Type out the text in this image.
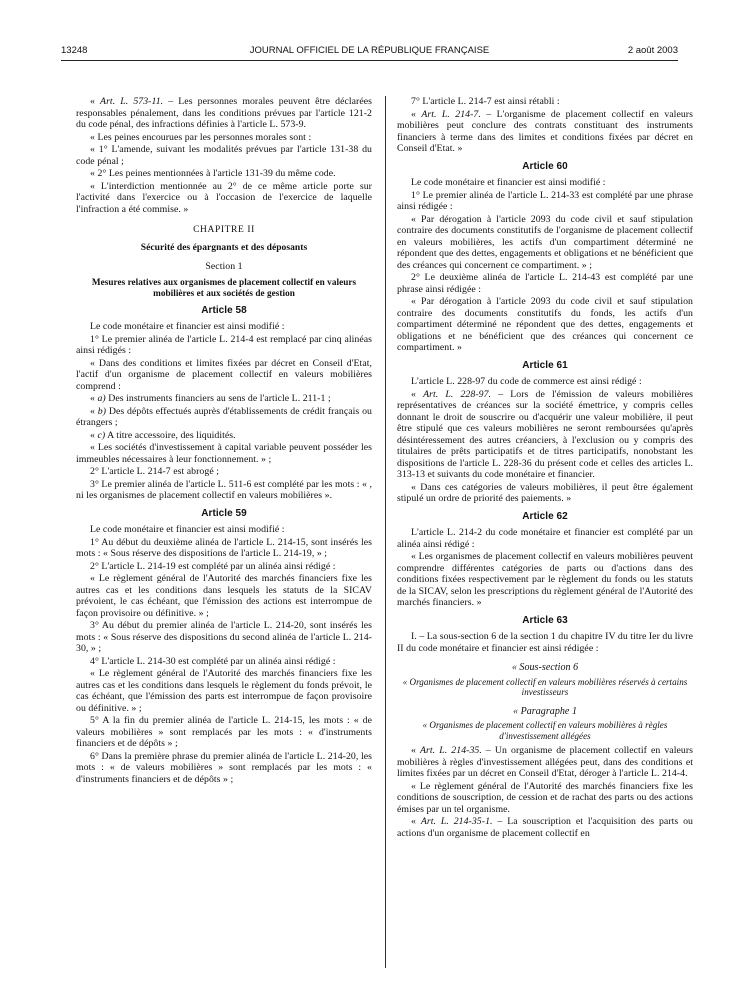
13248	JOURNAL OFFICIEL DE LA RÉPUBLIQUE FRANÇAISE	2 août 2003

« Art. L. 573-11. – Les personnes morales peuvent être déclarées responsables pénalement, dans les conditions prévues par l'article 121-2 du code pénal, des infractions définies à l'article L. 573-9.

« Les peines encourues par les personnes morales sont :

« 1° L'amende, suivant les modalités prévues par l'article 131-38 du code pénal ;

« 2° Les peines mentionnées à l'article 131-39 du même code.

« L'interdiction mentionnée au 2° de ce même article porte sur l'activité dans l'exercice ou à l'occasion de l'exercice de laquelle l'infraction a été commise. »

CHAPITRE II
Sécurité des épargnants et des déposants
Section 1
Mesures relatives aux organismes de placement collectif en valeurs mobilières et aux sociétés de gestion
Article 58

Le code monétaire et financier est ainsi modifié :

1° Le premier alinéa de l'article L. 214-4 est remplacé par cinq alinéas ainsi rédigés :

« Dans des conditions et limites fixées par décret en Conseil d'Etat, l'actif d'un organisme de placement collectif en valeurs mobilières comprend :

« a) Des instruments financiers au sens de l'article L. 211-1 ;

« b) Des dépôts effectués auprès d'établissements de crédit français ou étrangers ;

« c) A titre accessoire, des liquidités.

« Les sociétés d'investissement à capital variable peuvent posséder les immeubles nécessaires à leur fonctionnement. » ;

2° L'article L. 214-7 est abrogé ;

3° Le premier alinéa de l'article L. 511-6 est complété par les mots : « , ni les organismes de placement collectif en valeurs mobilières ».

Article 59

Le code monétaire et financier est ainsi modifié :

1° Au début du deuxième alinéa de l'article L. 214-15, sont insérés les mots : « Sous réserve des dispositions de l'article L. 214-19, » ;

2° L'article L. 214-19 est complété par un alinéa ainsi rédigé :

« Le règlement général de l'Autorité des marchés financiers fixe les autres cas et les conditions dans lesquels les statuts de la SICAV prévoient, le cas échéant, que l'émission des actions est interrompue de façon provisoire ou définitive. » ;

3° Au début du premier alinéa de l'article L. 214-20, sont insérés les mots : « Sous réserve des dispositions du second alinéa de l'article L. 214-30, » ;

4° L'article L. 214-30 est complété par un alinéa ainsi rédigé :

« Le règlement général de l'Autorité des marchés financiers fixe les autres cas et les conditions dans lesquels le règlement du fonds prévoit, le cas échéant, que l'émission des parts est interrompue de façon provisoire ou définitive. » ;

5° A la fin du premier alinéa de l'article L. 214-15, les mots : « de valeurs mobilières » sont remplacés par les mots : « d'instruments financiers et de dépôts » ;

6° Dans la première phrase du premier alinéa de l'article L. 214-20, les mots : « de valeurs mobilières » sont remplacés par les mots : « d'instruments financiers et de dépôts » ;

7° L'article L. 214-7 est ainsi rétabli :

« Art. L. 214-7. – L'organisme de placement collectif en valeurs mobilières peut conclure des contrats constituant des instruments financiers à terme dans des limites et conditions fixées par décret en Conseil d'Etat. »

Article 60

Le code monétaire et financier est ainsi modifié :

1° Le premier alinéa de l'article L. 214-33 est complété par une phrase ainsi rédigée :

« Par dérogation à l'article 2093 du code civil et sauf stipulation contraire des documents constitutifs de l'organisme de placement collectif en valeurs mobilières, les actifs d'un compartiment déterminé ne répondent que des dettes, engagements et obligations et ne bénéficient que des créances qui concernent ce compartiment. » ;

2° Le deuxième alinéa de l'article L. 214-43 est complété par une phrase ainsi rédigée :

« Par dérogation à l'article 2093 du code civil et sauf stipulation contraire des documents constitutifs du fonds, les actifs d'un compartiment déterminé ne répondent que des dettes, engagements et obligations et ne bénéficient que des créances qui concernent ce compartiment. »

Article 61

L'article L. 228-97 du code de commerce est ainsi rédigé :

« Art. L. 228-97. – Lors de l'émission de valeurs mobilières représentatives de créances sur la société émettrice, y compris celles donnant le droit de souscrire ou d'acquérir une valeur mobilière, il peut être stipulé que ces valeurs mobilières ne seront remboursées qu'après désintéressement des autres créanciers, à l'exclusion ou y compris des titulaires de prêts participatifs et de titres participatifs, nonobstant les dispositions de l'article L. 228-36 du présent code et celles des articles L. 313-13 et suivants du code monétaire et financier.

« Dans ces catégories de valeurs mobilières, il peut être également stipulé un ordre de priorité des paiements. »

Article 62

L'article L. 214-2 du code monétaire et financier est complété par un alinéa ainsi rédigé :

« Les organismes de placement collectif en valeurs mobilières peuvent comprendre différentes catégories de parts ou d'actions dans des conditions fixées respectivement par le règlement du fonds ou les statuts de la SICAV, selon les prescriptions du règlement général de l'Autorité des marchés financiers. »

Article 63

I. – La sous-section 6 de la section 1 du chapitre IV du titre Ier du livre II du code monétaire et financier est ainsi rédigée :

« Sous-section 6
« Organismes de placement collectif en valeurs mobilières réservés à certains investisseurs
« Paragraphe 1
« Organismes de placement collectif en valeurs mobilières à règles d'investissement allégées

« Art. L. 214-35. – Un organisme de placement collectif en valeurs mobilières à règles d'investissement allégées peut, dans des conditions et limites fixées par un décret en Conseil d'Etat, déroger à l'article L. 214-4.

« Le règlement général de l'Autorité des marchés financiers fixe les conditions de souscription, de cession et de rachat des parts ou des actions émises par un tel organisme.

« Art. L. 214-35-1. – La souscription et l'acquisition des parts ou actions d'un organisme de placement collectif en
